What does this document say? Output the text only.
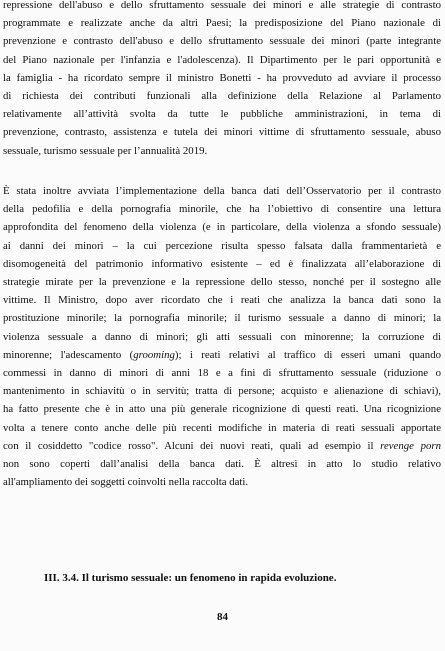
repressione dell'abuso e dello sfruttamento sessuale dei minori e alle strategie di contrasto
programmate e realizzate anche da altri Paesi; la predisposizione del Piano nazionale di
prevenzione e contrasto dell'abuso e dello sfruttamento sessuale dei minori (parte integrante
del Piano nazionale per l'infanzia e l'adolescenza). Il Dipartimento per le pari opportunità e
la famiglia - ha ricordato sempre il ministro Bonetti - ha provveduto ad avviare il processo
di richiesta dei contributi funzionali alla definizione della Relazione al Parlamento
relativamente all’attività svolta da tutte le pubbliche amministrazioni, in tema di
prevenzione, contrasto, assistenza e tutela dei minori vittime di sfruttamento sessuale, abuso
sessuale, turismo sessuale per l’annualità 2019.
È stata inoltre avviata l’implementazione della banca dati dell’Osservatorio per il contrasto
della pedofilia e della pornografia minorile, che ha l’obiettivo di consentire una lettura
approfondita del fenomeno della violenza (e in particolare, della violenza a sfondo sessuale)
ai danni dei minori – la cui percezione risulta spesso falsata dalla frammentarietà e
disomogeneità del patrimonio informativo esistente – ed è finalizzata all’elaborazione di
strategie mirate per la prevenzione e la repressione dello stesso, nonché per il sostegno alle
vittime. Il Ministro, dopo aver ricordato che i reati che analizza la banca dati sono la
prostituzione minorile; la pornografia minorile; il turismo sessuale a danno di minori; la
violenza sessuale a danno di minori; gli atti sessuali con minorenne; la corruzione di
minorenne; l'adescamento (grooming); i reati relativi al traffico di esseri umani quando
commessi in danno di minori di anni 18 e a fini di sfruttamento sessuale (riduzione o
mantenimento in schiavitù o in servitù; tratta di persone; acquisto e alienazione di schiavi),
ha fatto presente che è in atto una più generale ricognizione di questi reati. Una ricognizione
volta a tenere conto anche delle più recenti modifiche in materia di reati sessuali apportate
con il cosiddetto "codice rosso". Alcuni dei nuovi reati, quali ad esempio il revenge porn
non sono coperti dall’analisi della banca dati. È altresì in atto lo studio relativo
all'ampliamento dei soggetti coinvolti nella raccolta dati.
III. 3.4. Il turismo sessuale: un fenomeno in rapida evoluzione.
84
